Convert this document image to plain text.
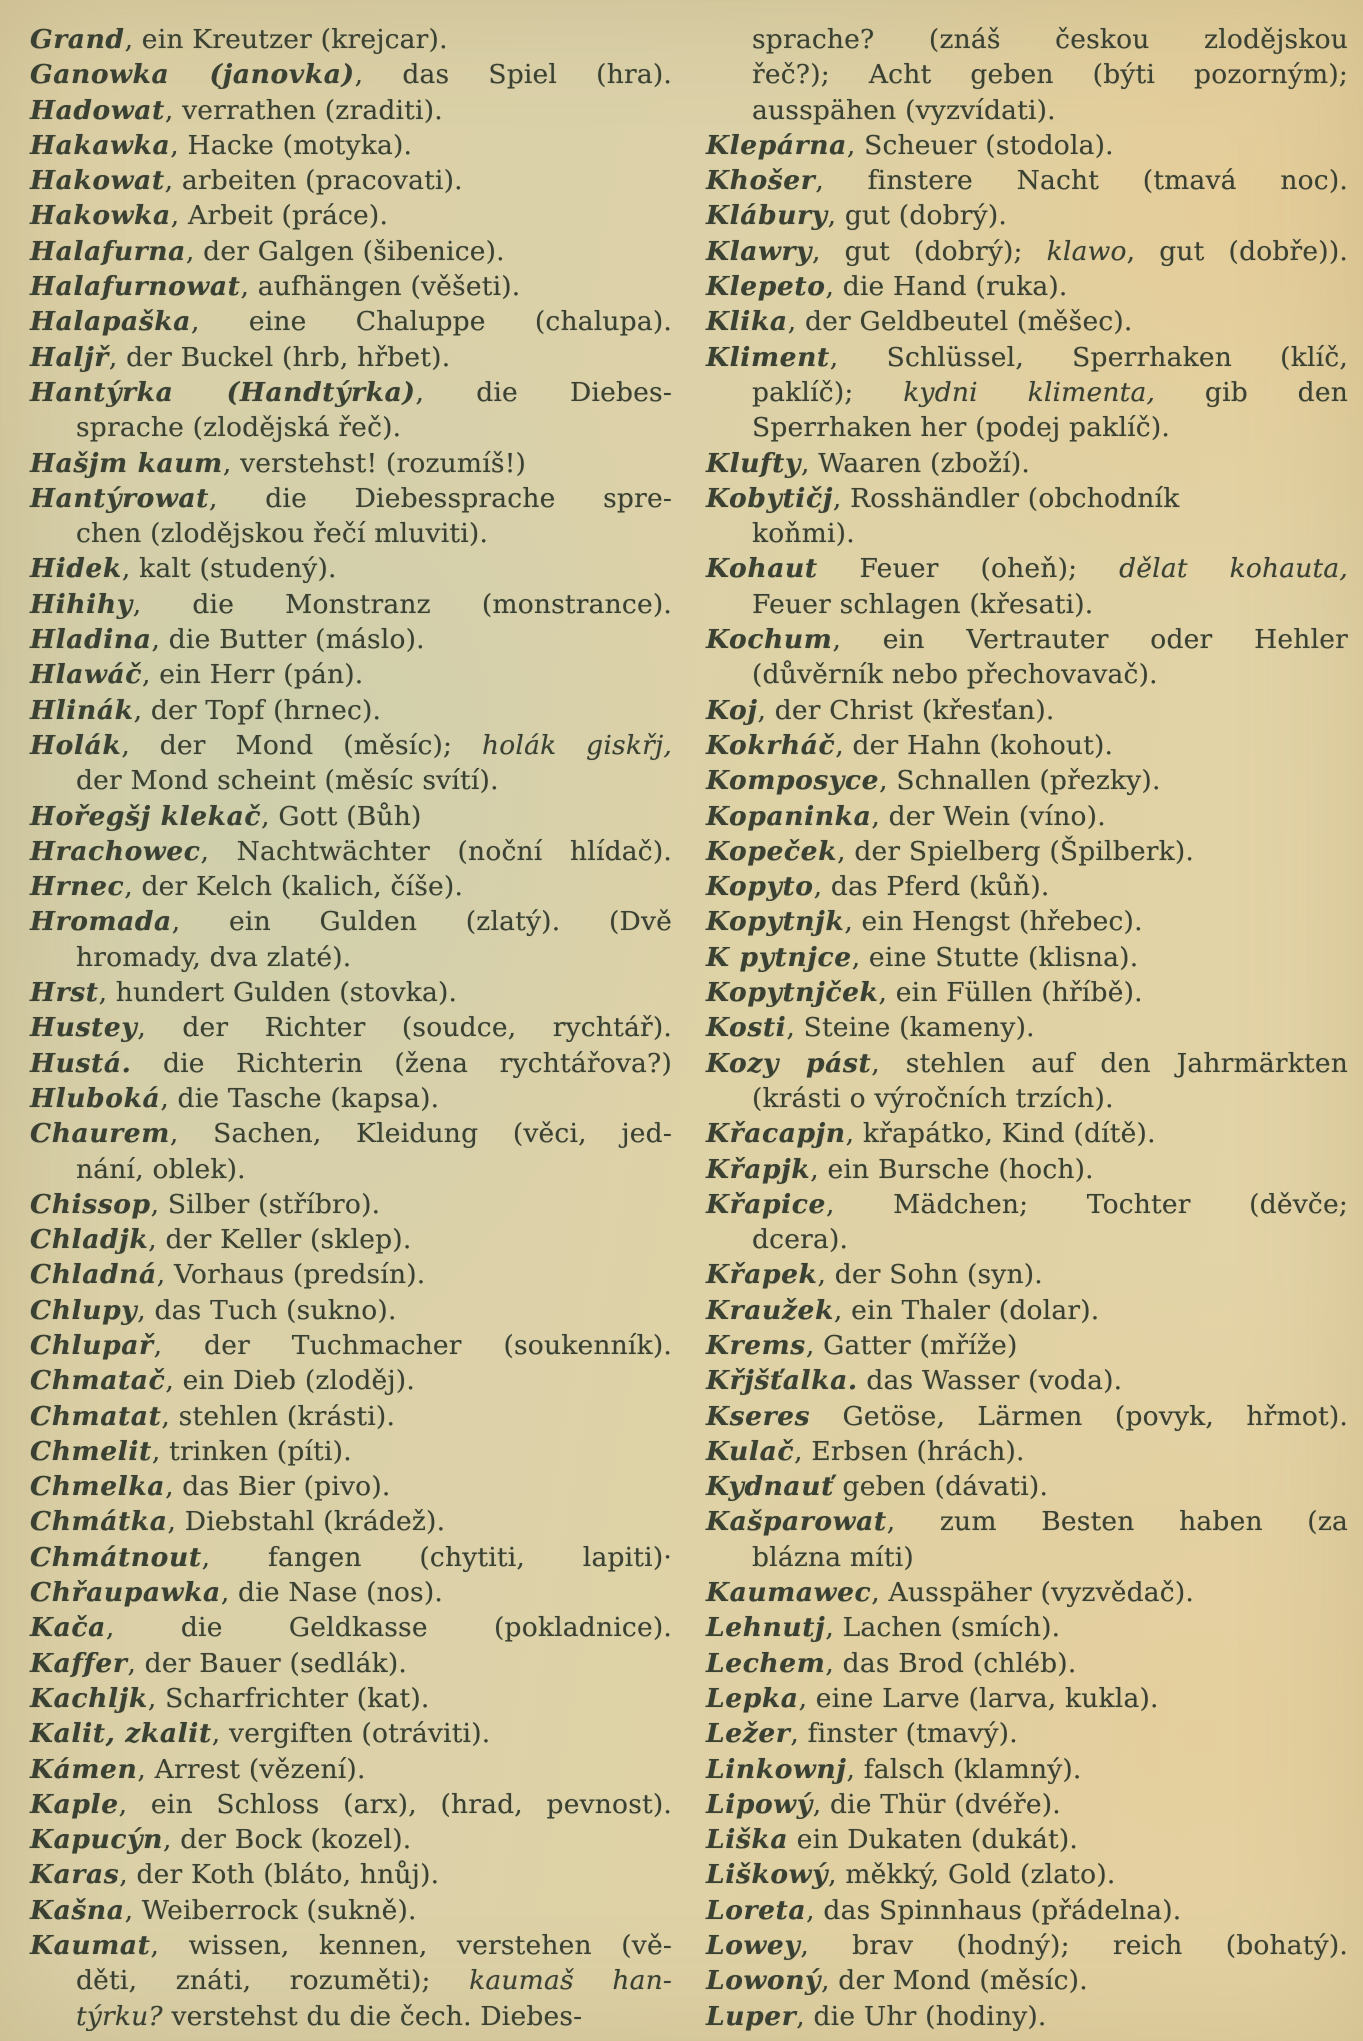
Grand, ein Kreutzer (krejcar).
Ganowka (janovka), das Spiel (hra).
Hadowat, verrathen (zraditi).
Hakawka, Hacke (motyka).
Hakowat, arbeiten (pracovati).
Hakowka, Arbeit (práce).
Halafurna, der Galgen (šibenice).
Halafurnowat, aufhängen (věšeti).
Halapaška, eine Chaluppe (chalupa).
Haljř, der Buckel (hrb, hřbet).
Hantýrka (Handtýrka), die Diebes-
sprache (zlodějská řeč).
Hašjm kaum, verstehst! (rozumíš!)
Hantýrowat, die Diebessprache spre-
chen (zlodějskou řečí mluviti).
Hidek, kalt (studený).
Hihihy, die Monstranz (monstrance).
Hladina, die Butter (máslo).
Hlawáč, ein Herr (pán).
Hlinák, der Topf (hrnec).
Holák, der Mond (měsíc); holák giskřj,
der Mond scheint (měsíc svítí).
Hořegšj klekač, Gott (Bůh)
Hrachowec, Nachtwächter (noční hlídač).
Hrnec, der Kelch (kalich, číše).
Hromada, ein Gulden (zlatý). (Dvě
hromady, dva zlaté).
Hrst, hundert Gulden (stovka).
Hustey, der Richter (soudce, rychtář).
Hustá. die Richterin (žena rychtářova?)
Hluboká, die Tasche (kapsa).
Chaurem, Sachen, Kleidung (věci, jed-
nání, oblek).
Chissop, Silber (stříbro).
Chladjk, der Keller (sklep).
Chladná, Vorhaus (predsín).
Chlupy, das Tuch (sukno).
Chlupař, der Tuchmacher (soukenník).
Chmatač, ein Dieb (zloděj).
Chmatat, stehlen (krásti).
Chmelit, trinken (píti).
Chmelka, das Bier (pivo).
Chmátka, Diebstahl (krádež).
Chmátnout, fangen (chytiti, lapiti)·
Chřaupawka, die Nase (nos).
Kača, die Geldkasse (pokladnice).
Kaffer, der Bauer (sedlák).
Kachljk, Scharfrichter (kat).
Kalit, zkalit, vergiften (otráviti).
Kámen, Arrest (vězení).
Kaple, ein Schloss (arx), (hrad, pevnost).
Kapucýn, der Bock (kozel).
Karas, der Koth (bláto, hnůj).
Kašna, Weiberrock (sukně).
Kaumat, wissen, kennen, verstehen (vě-
děti, znáti, rozuměti); kaumaš han-
týrku? verstehst du die čech. Diebes-
sprache? (znáš českou zlodějskou
řeč?); Acht geben (býti pozorným);
ausspähen (vyzvídati).
Klepárna, Scheuer (stodola).
Khošer, finstere Nacht (tmavá noc).
Klábury, gut (dobrý).
Klawry, gut (dobrý); klawo, gut (dobře)).
Klepeto, die Hand (ruka).
Klika, der Geldbeutel (měšec).
Kliment, Schlüssel, Sperrhaken (klíč,
paklíč); kydni klimenta, gib den
Sperrhaken her (podej paklíč).
Klufty, Waaren (zboží).
Kobytičj, Rosshändler (obchodník
koňmi).
Kohaut Feuer (oheň); dělat kohauta,
Feuer schlagen (křesati).
Kochum, ein Vertrauter oder Hehler
(důvěrník nebo přechovavač).
Koj, der Christ (křesťan).
Kokrháč, der Hahn (kohout).
Komposyce, Schnallen (přezky).
Kopaninka, der Wein (víno).
Kopeček, der Spielberg (Špilberk).
Kopyto, das Pferd (kůň).
Kopytnjk, ein Hengst (hřebec).
K pytnjce, eine Stutte (klisna).
Kopytnjček, ein Füllen (hříbě).
Kosti, Steine (kameny).
Kozy pást, stehlen auf den Jahrmärkten
(krásti o výročních trzích).
Křacapjn, křapátko, Kind (dítě).
Křapjk, ein Bursche (hoch).
Křapice, Mädchen; Tochter (děvče;
dcera).
Křapek, der Sohn (syn).
Kraužek, ein Thaler (dolar).
Krems, Gatter (mříže)
Křjšťalka. das Wasser (voda).
Kseres Getöse, Lärmen (povyk, hřmot).
Kulač, Erbsen (hrách).
Kydnauť geben (dávati).
Kašparowat, zum Besten haben (za
blázna míti)
Kaumawec, Ausspäher (vyzvědač).
Lehnutj, Lachen (smích).
Lechem, das Brod (chléb).
Lepka, eine Larve (larva, kukla).
Ležer, finster (tmavý).
Linkownj, falsch (klamný).
Lipowý, die Thür (dvéře).
Liška ein Dukaten (dukát).
Liškowý, měkký, Gold (zlato).
Loreta, das Spinnhaus (přádelna).
Lowey, brav (hodný); reich (bohatý).
Lowoný, der Mond (měsíc).
Luper, die Uhr (hodiny).
